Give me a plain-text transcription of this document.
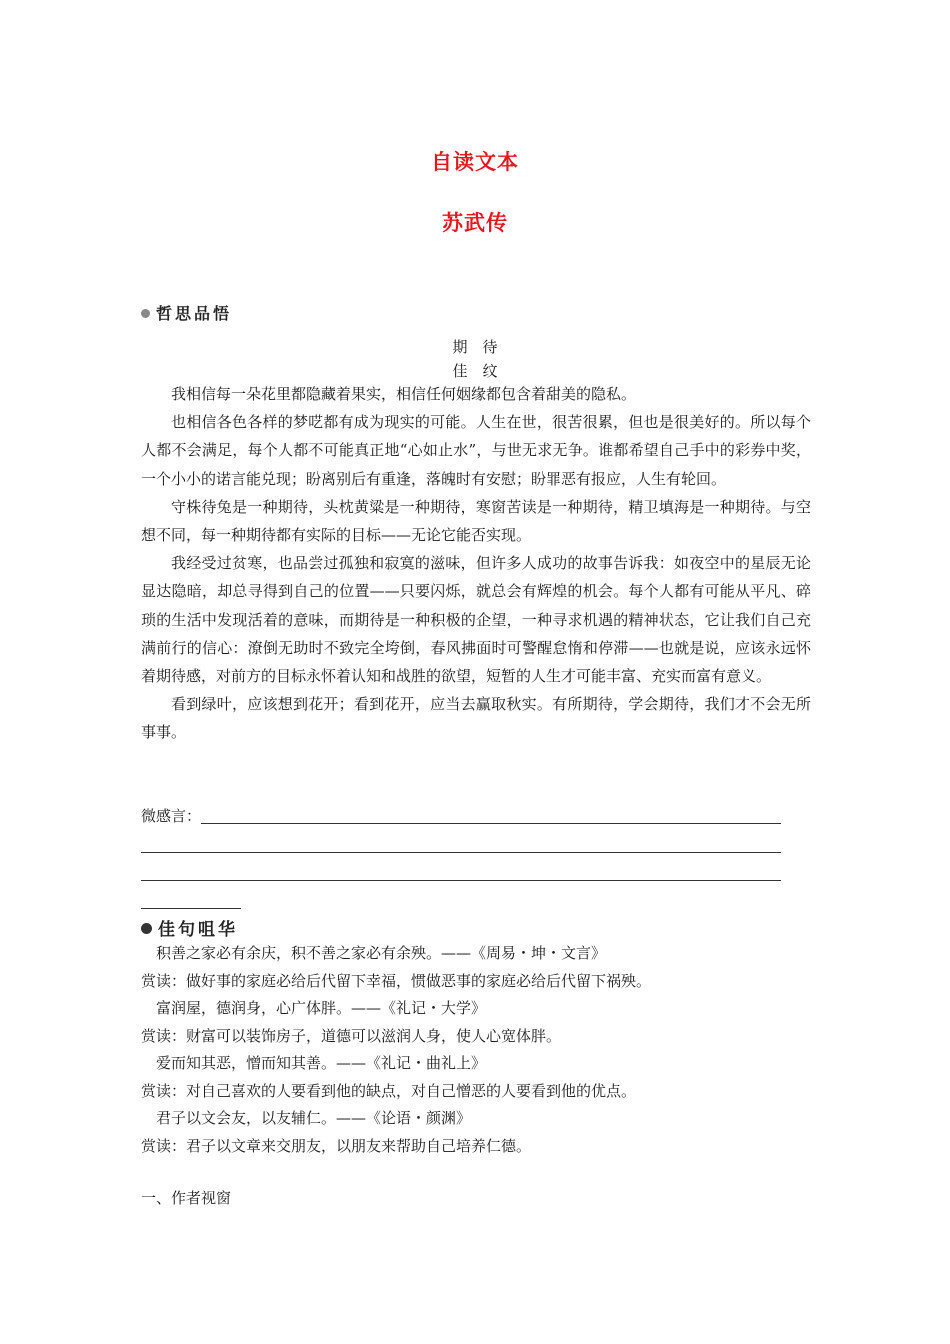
自读文本
苏武传
哲思品悟
期　待
佳　纹

我相信每一朵花里都隐藏着果实，相信任何姻缘都包含着甜美的隐私。

也相信各色各样的梦呓都有成为现实的可能。人生在世，很苦很累，但也是很美好的。所以每个人都不会满足，每个人都不可能真正地“心如止水”，与世无求无争。谁都希望自己手中的彩券中奖，一个小小的诺言能兑现；盼离别后有重逢，落魄时有安慰；盼罪恶有报应，人生有轮回。

守株待兔是一种期待，头枕黄粱是一种期待，寒窗苦读是一种期待，精卫填海是一种期待。与空想不同，每一种期待都有实际的目标——无论它能否实现。

我经受过贫寒，也品尝过孤独和寂寞的滋味，但许多人成功的故事告诉我：如夜空中的星辰无论显达隐暗，却总寻得到自己的位置——只要闪烁，就总会有辉煌的机会。每个人都有可能从平凡、碎琐的生活中发现活着的意味，而期待是一种积极的企望，一种寻求机遇的精神状态，它让我们自己充满前行的信心：潦倒无助时不致完全垮倒，春风拂面时可警醒怠惰和停滞——也就是说，应该永远怀着期待感，对前方的目标永怀着认知和战胜的欲望，短暂的人生才可能丰富、充实而富有意义。

看到绿叶，应该想到花开；看到花开，应当去赢取秋实。有所期待，学会期待，我们才不会无所事事。

微感言：
佳句咀华
积善之家必有余庆，积不善之家必有余殃。——《周易・坤・文言》
赏读：做好事的家庭必给后代留下幸福，惯做恶事的家庭必给后代留下祸殃。
富润屋，德润身，心广体胖。——《礼记・大学》
赏读：财富可以装饰房子，道德可以滋润人身，使人心宽体胖。
爱而知其恶，憎而知其善。——《礼记・曲礼上》
赏读：对自己喜欢的人要看到他的缺点，对自己憎恶的人要看到他的优点。
君子以文会友，以友辅仁。——《论语・颜渊》
赏读：君子以文章来交朋友，以朋友来帮助自己培养仁德。
一、作者视窗
